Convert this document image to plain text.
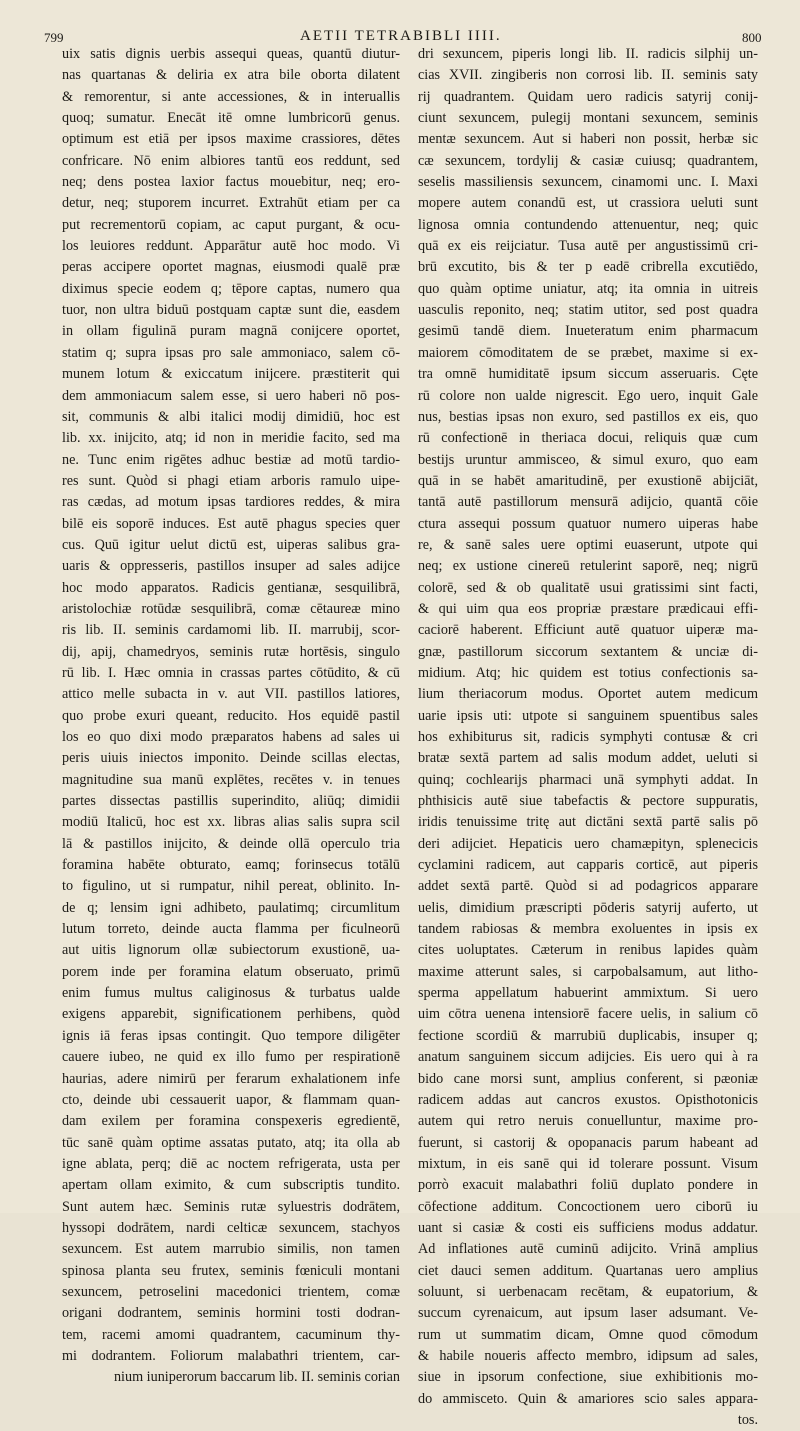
799	AETII TETRABIBLI IIII.	800
uix satis dignis uerbis assequi queas, quantū diutur-
nas quartanas & deliria ex atra bile oborta dilatent
& remorentur, si ante accessiones, & in interuallis
quoq; sumatur. Enecāt itē omne lumbricorū genus.
optimum est etiā per ipsos maxime crassiores, dētes
confricare. Nō enim albiores tantū eos reddunt, sed
neq; dens postea laxior factus mouebitur, neq; ero-
detur, neq; stuporem incurret. Extrahūt etiam per ca
put recrementorū copiam, ac caput purgant, & ocu-
los leuiores reddunt. Apparātur autē hoc modo. Vi
peras accipere oportet magnas, eiusmodi qualē præ
diximus specie eodem q; tēpore captas, numero qua
tuor, non ultra biduū postquam captæ sunt die, easdem
in ollam figulinā puram magnā conijcere oportet,
statim q; supra ipsas pro sale ammoniaco, salem cō-
munem lotum & exiccatum inijcere. præstiterit qui
dem ammoniacum salem esse, si uero haberi nō pos-
sit, communis & albi italici modij dimidiū, hoc est
lib. xx. inijcito, atq; id non in meridie facito, sed ma
ne. Tunc enim rigētes adhuc bestiæ ad motū tardio-
res sunt. Quòd si phagi etiam arboris ramulo uipe-
ras cædas, ad motum ipsas tardiores reddes, & mira
bilē eis soporē induces. Est autē phagus species quer
cus. Quū igitur uelut dictū est, uiperas salibus gra-
uaris & oppresseris, pastillos insuper ad sales adijce
hoc modo apparatos. Radicis gentianæ, sesquilibrā,
aristolochiæ rotūdæ sesquilibrā, comæ cētaureæ mino
ris lib. II. seminis cardamomi lib. II. marrubij, scor-
dij, apij, chamedryos, seminis rutæ hortēsis, singulo
rū lib. I. Hæc omnia in crassas partes cōtūdito, & cū
attico melle subacta in v. aut VII. pastillos latiores,
quo probe exuri queant, reducito. Hos equidē pastil
los eo quo dixi modo præparatos habens ad sales ui
peris uiuis iniectos imponito. Deinde scillas electas,
magnitudine sua manū explētes, recētes v. in tenues
partes dissectas pastillis superindito, aliūq; dimidii
modiū Italicū, hoc est xx. libras alias salis supra scil
lā & pastillos inijcito, & deinde ollā operculo tria
foramina habēte obturato, eamq; forinsecus totālū
to figulino, ut si rumpatur, nihil pereat, oblinito. In-
de q; lensim igni adhibeto, paulatimq; circumlitum
lutum torreto, deinde aucta flamma per ficulneorū
aut uitis lignorum ollæ subiectorum exustionē, ua-
porem inde per foramina elatum obseruato, primū
enim fumus multus caliginosus & turbatus ualde
exigens apparebit, significationem perhibens, quòd
ignis iā feras ipsas contingit. Quo tempore diligēter
cauere iubeo, ne quid ex illo fumo per respirationē
haurias, adere nimirū per ferarum exhalationem infe
cto, deinde ubi cessauerit uapor, & flammam quan-
dam exilem per foramina conspexeris egredientē,
tūc sanē quàm optime assatas putato, atq; ita olla ab
igne ablata, perq; diē ac noctem refrigerata, usta per
apertam ollam eximito, & cum subscriptis tundito.
Sunt autem hæc. Seminis rutæ syluestris dodrātem,
hyssopi dodrātem, nardi celticæ sexuncem, stachyos
sexuncem. Est autem marrubio similis, non tamen
spinosa planta seu frutex, seminis fœniculi montani
sexuncem, petroselini macedonici trientem, comæ
origani dodrantem, seminis hormini tosti dodran-
tem, racemi amomi quadrantem, cacuminum thy-
mi dodrantem. Foliorum malabathri trientem, car-
nium iuniperorum baccarum lib. II. seminis corian
dri sexuncem, piperis longi lib. II. radicis silphij un-
cias XVII. zingiberis non corrosi lib. II. seminis saty
rij quadrantem. Quidam uero radicis satyrij conij-
ciunt sexuncem, pulegij montani sexuncem, seminis
mentæ sexuncem. Aut si haberi non possit, herbæ sic
cæ sexuncem, tordylij & casiæ cuiusq; quadrantem,
seselis massiliensis sexuncem, cinamomi unc. I. Maxi
mopere autem conandū est, ut crassiora ueluti sunt
lignosa omnia contundendo attenuentur, neq; quic
quā ex eis reijciatur. Tusa autē per angustissimū cri-
brū excutito, bis & ter p eadē cribrella excutiēdo,
quo quàm optime uniatur, atq; ita omnia in uitreis
uasculis reponito, neq; statim utitor, sed post quadra
gesimū tandē diem. Inueteratum enim pharmacum
maiorem cōmoditatem de se præbet, maxime si ex-
tra omnē humiditatē ipsum siccum asseruaris. Cęte
rū colore non ualde nigrescit. Ego uero, inquit Gale
nus, bestias ipsas non exuro, sed pastillos ex eis, quo
rū confectionē in theriaca docui, reliquis quæ cum
bestijs uruntur ammisceo, & simul exuro, quo eam
quā in se habēt amaritudinē, per exustionē abijciāt,
tantā autē pastillorum mensurā adijcio, quantā cōie
ctura assequi possum quatuor numero uiperas habe
re, & sanē sales uere optimi euaserunt, utpote qui
neq; ex ustione cinereū retulerint saporē, neq; nigrū
colorē, sed & ob qualitatē usui gratissimi sint facti,
& qui uim qua eos propriæ præstare prædicaui effi-
caciorē haberent. Efficiunt autē quatuor uiperæ ma-
gnæ, pastillorum siccorum sextantem & unciæ di-
midium. Atq; hic quidem est totius confectionis sa-
lium theriacorum modus. Oportet autem medicum
uarie ipsis uti: utpote si sanguinem spuentibus sales
hos exhibiturus sit, radicis symphyti contusæ & cri
bratæ sextā partem ad salis modum addet, ueluti si
quinq; cochlearijs pharmaci unā symphyti addat. In
phthisicis autē siue tabefactis & pectore suppuratis,
iridis tenuissime tritę aut dictāni sextā partē salis pō
deri adijciet. Hepaticis uero chamæpityn, splenecicis
cyclamini radicem, aut capparis corticē, aut piperis
addet sextā partē. Quòd si ad podagricos apparare
uelis, dimidium præscripti pōderis satyrij auferto, ut
tandem rabiosas & membra exoluentes in ipsis ex
cites uoluptates. Cæterum in renibus lapides quàm
maxime atterunt sales, si carpobalsamum, aut litho-
sperma appellatum habuerint ammixtum. Si uero
uim cōtra uenena intensiorē facere uelis, in salium cō
fectione scordiū & marrubiū duplicabis, insuper q;
anatum sanguinem siccum adijcies. Eis uero qui à ra
bido cane morsi sunt, amplius conferent, si pæoniæ
radicem addas aut cancros exustos. Opisthotonicis
autem qui retro neruis conuelluntur, maxime pro-
fuerunt, si castorij & opopanacis parum habeant ad
mixtum, in eis sanē qui id tolerare possunt. Visum
porrò exacuit malabathri foliū duplato pondere in
cōfectione additum. Concoctionem uero ciborū iu
uant si casiæ & costi eis sufficiens modus addatur.
Ad inflationes autē cuminū adijcito. Vrinā amplius
ciet dauci semen additum. Quartanas uero amplius
soluunt, si uerbenacam recētam, & eupatorium, &
succum cyrenaicum, aut ipsum laser adsumant. Ve-
rum ut summatim dicam, Omne quod cōmodum
& habile noueris affecto membro, idipsum ad sales,
siue in ipsorum confectione, siue exhibitionis mo-
do ammisceto. Quin & amariores scio sales appara-
tos.
